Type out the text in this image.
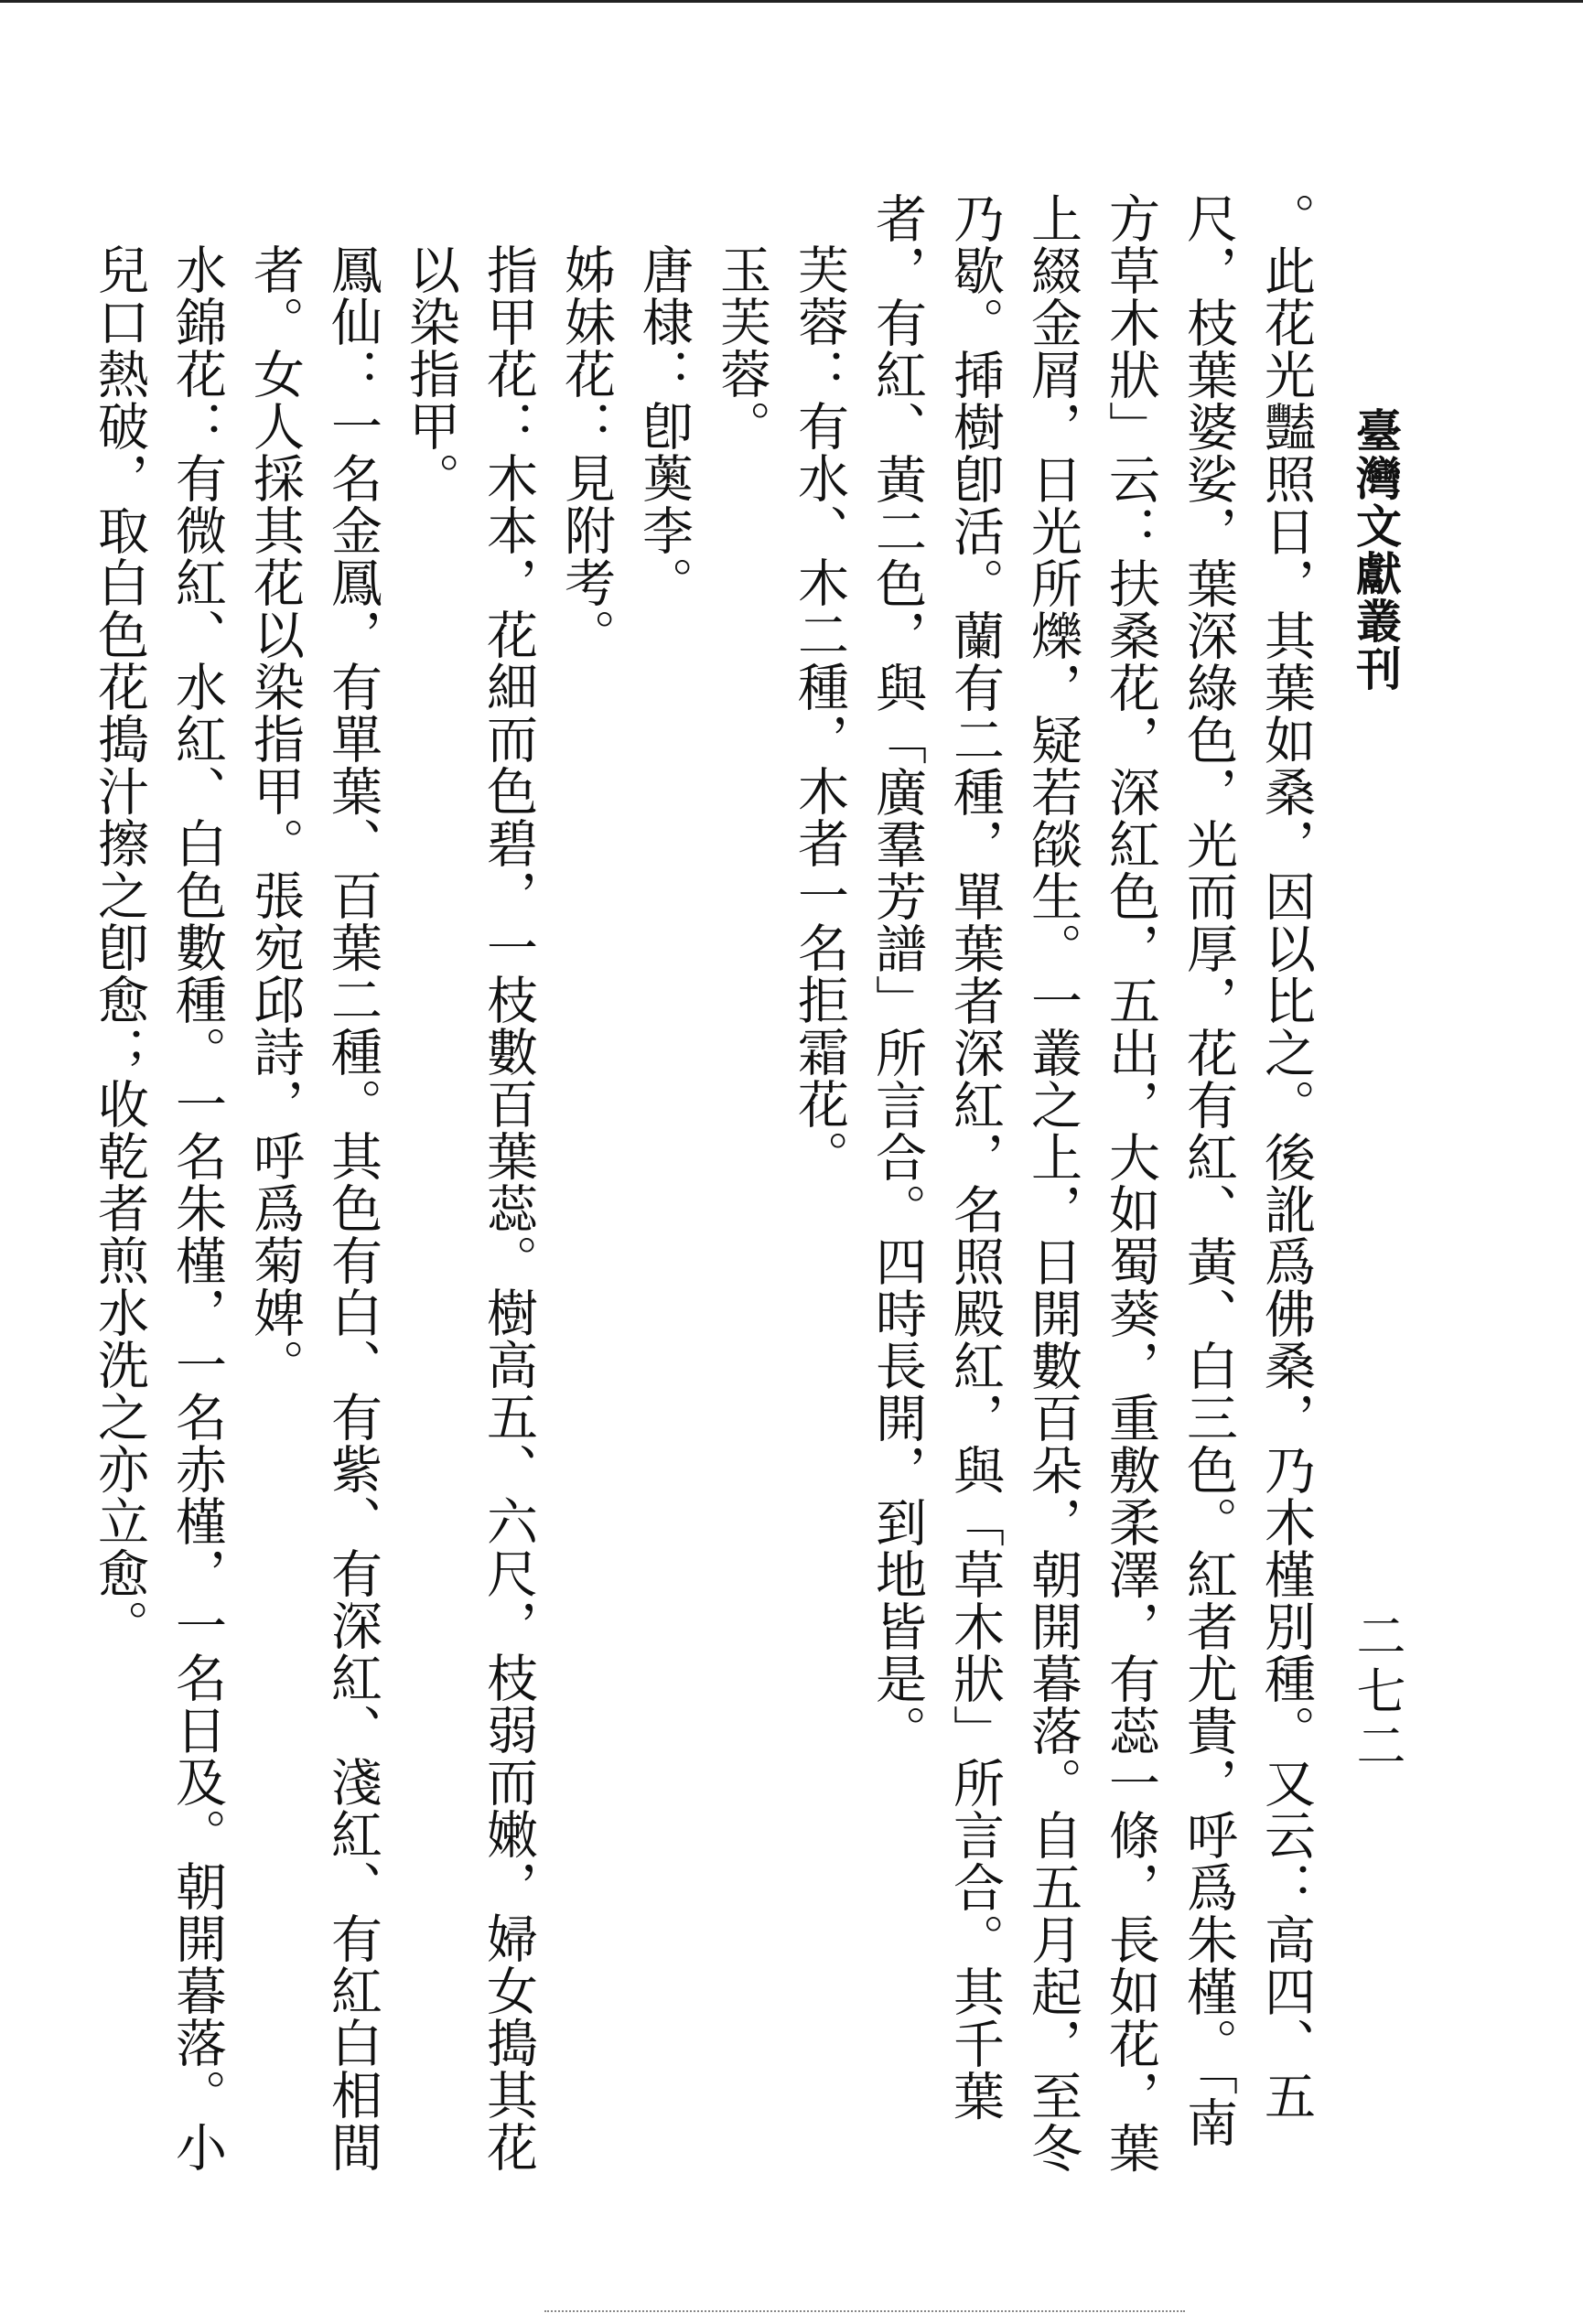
臺灣文獻叢刊
二七二

。此花光豔照日，其葉如桑，因以比之。後訛爲佛桑，乃木槿別種。又云：高四、五尺，枝葉婆娑，葉深綠色，光而厚，花有紅、黃、白三色。紅者尤貴，呼爲朱槿。「南方草木狀」云：扶桑花，深紅色，五出，大如蜀葵，重敷柔澤，有蕊一條，長如花，葉上綴金屑，日光所爍，疑若燄生。一叢之上，日開數百朵，朝開暮落。自五月起，至冬乃歇。揷樹卽活。蘭有二種，單葉者深紅，名照殿紅，與「草木狀」所言合。其千葉者，有紅、黃二色，與「廣羣芳譜」所言合。四時長開，到地皆是。

芙蓉：有水、木二種，木者一名拒霜花。

玉芙蓉。

唐棣：卽薁李。

姊妹花：見附考。

指甲花：木本，花細而色碧，一枝數百葉蕊。樹高五、六尺，枝弱而嫩，婦女搗其花以染指甲。

鳳仙：一名金鳳，有單葉、百葉二種。其色有白、有紫、有深紅、淺紅、有紅白相間者。女人採其花以染指甲。張宛邱詩，呼爲菊婢。

水錦花：有微紅、水紅、白色數種。一名朱槿，一名赤槿，一名日及。朝開暮落。小兒口熱破，取白色花搗汁擦之卽愈；收乾者煎水洗之亦立愈。
